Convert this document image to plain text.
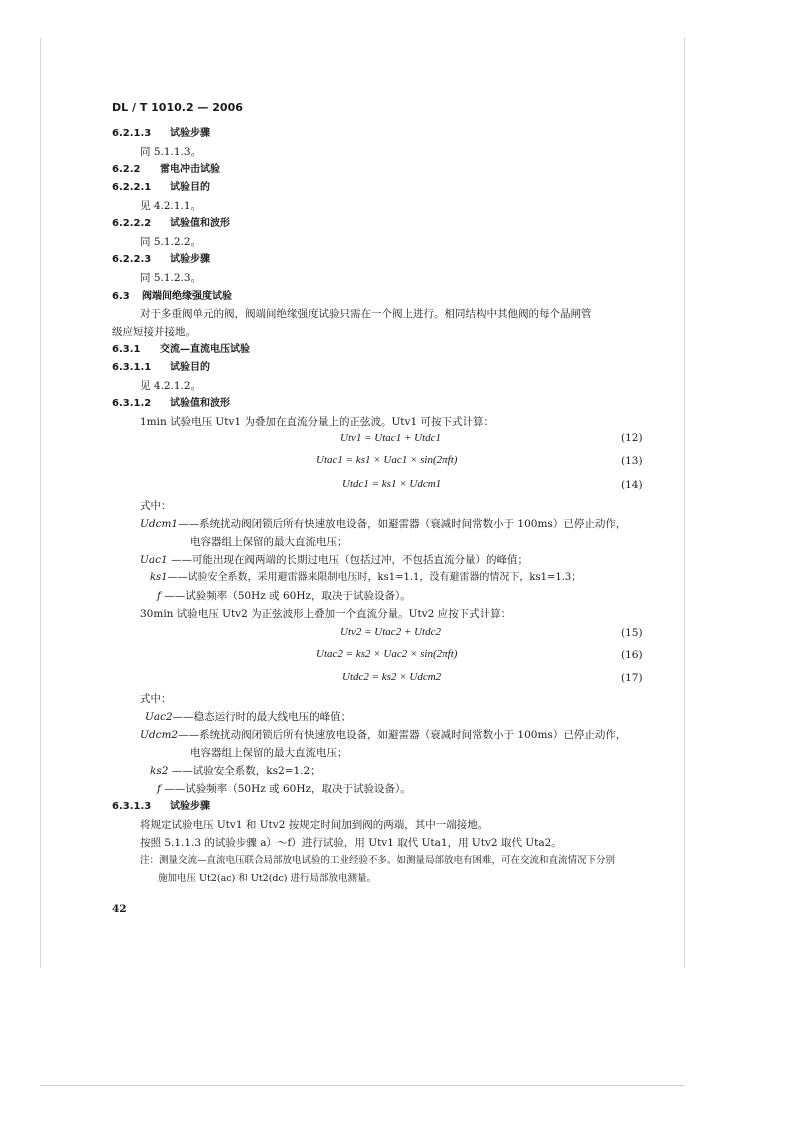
DL / T 1010.2 — 2006
6.2.1.3 试验步骤
同 5.1.1.3。
6.2.2 雷电冲击试验
6.2.2.1 试验目的
见 4.2.1.1。
6.2.2.2 试验值和波形
同 5.1.2.2。
6.2.2.3 试验步骤
同 5.1.2.3。
6.3 阀端间绝缘强度试验
对于多重阀单元的阀，阀端间绝缘强度试验只需在一个阀上进行。相同结构中其他阀的每个晶闸管
级应短接并接地。
6.3.1 交流—直流电压试验
6.3.1.1 试验目的
见 4.2.1.2。
6.3.1.2 试验值和波形
1min 试验电压 Utv1 为叠加在直流分量上的正弦波。Utv1 可按下式计算：
Utv1 = Utac1 + Utdc1	(12)
Utac1 = ks1 × Uac1 × sin(2πft)	(13)
Utdc1 = ks1 × Udcm1	(14)
式中：
Udcm1——系统扰动阀闭锁后所有快速放电设备，如避雷器（衰减时间常数小于 100ms）已停止动作，
电容器组上保留的最大直流电压；
Uac1 ——可能出现在阀两端的长期过电压（包括过冲，不包括直流分量）的峰值；
ks1——试验安全系数，采用避雷器来限制电压时，ks1=1.1，没有避雷器的情况下，ks1=1.3；
f ——试验频率（50Hz 或 60Hz，取决于试验设备）。
30min 试验电压 Utv2 为正弦波形上叠加一个直流分量。Utv2 应按下式计算：
Utv2 = Utac2 + Utdc2	(15)
Utac2 = ks2 × Uac2 × sin(2πft)	(16)
Utdc2 = ks2 × Udcm2	(17)
式中：
Uac2——稳态运行时的最大线电压的峰值；
Udcm2——系统扰动阀闭锁后所有快速放电设备，如避雷器（衰减时间常数小于 100ms）已停止动作，
电容器组上保留的最大直流电压；
ks2 ——试验安全系数，ks2=1.2；
f ——试验频率（50Hz 或 60Hz，取决于试验设备）。
6.3.1.3 试验步骤
将规定试验电压 Utv1 和 Utv2 按规定时间加到阀的两端，其中一端接地。
按照 5.1.1.3 的试验步骤 a）～f）进行试验，用 Utv1 取代 Uta1，用 Utv2 取代 Uta2。
注：测量交流—直流电压联合局部放电试验的工业经验不多。如测量局部放电有困难，可在交流和直流情况下分别
施加电压 Ut2(ac) 和 Ut2(dc) 进行局部放电测量。
42
